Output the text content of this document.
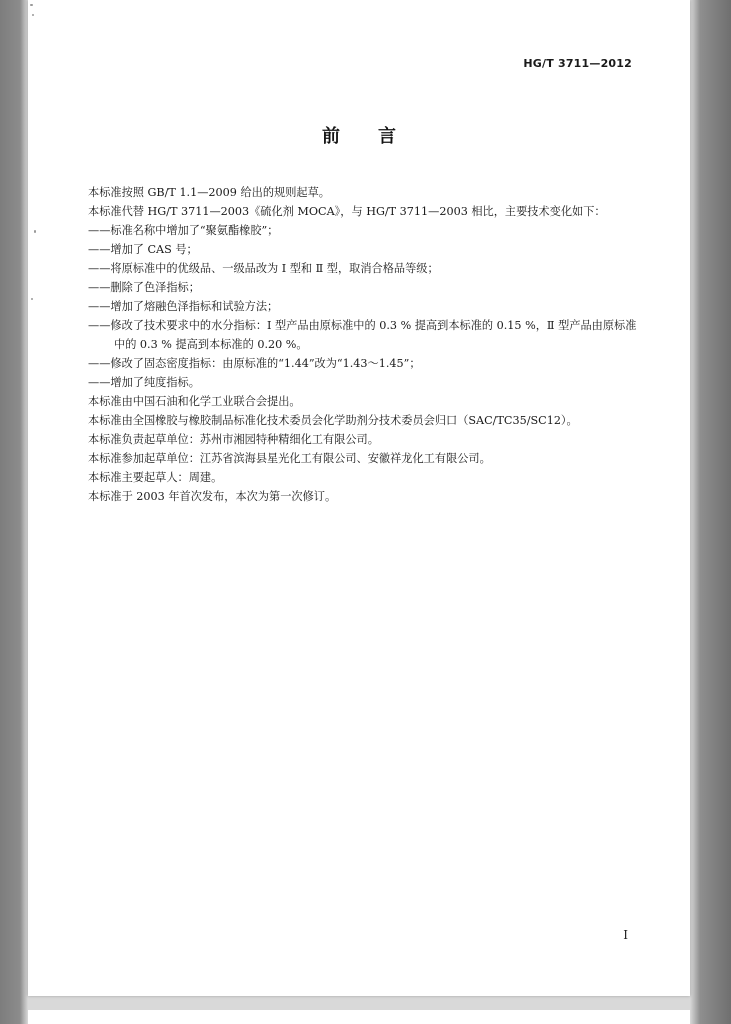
HG/T 3711—2012
前言

本标准按照 GB/T 1.1—2009 给出的规则起草。

本标准代替 HG/T 3711—2003《硫化剂 MOCA》，与 HG/T 3711—2003 相比，主要技术变化如下：

——标准名称中增加了“聚氨酯橡胶”；

——增加了 CAS 号；

——将原标准中的优级品、一级品改为 Ⅰ 型和 Ⅱ 型，取消合格品等级；

——删除了色泽指标；

——增加了熔融色泽指标和试验方法；

——修改了技术要求中的水分指标：Ⅰ 型产品由原标准中的 0.3 % 提高到本标准的 0.15 %，Ⅱ 型产品由原标准中的 0.3 % 提高到本标准的 0.20 %。

——修改了固态密度指标：由原标准的“1.44”改为“1.43～1.45”；

——增加了纯度指标。

本标准由中国石油和化学工业联合会提出。

本标准由全国橡胶与橡胶制品标准化技术委员会化学助剂分技术委员会归口（SAC/TC35/SC12）。

本标准负责起草单位：苏州市湘园特种精细化工有限公司。

本标准参加起草单位：江苏省滨海县星光化工有限公司、安徽祥龙化工有限公司。

本标准主要起草人：周建。

本标准于 2003 年首次发布，本次为第一次修订。

I
